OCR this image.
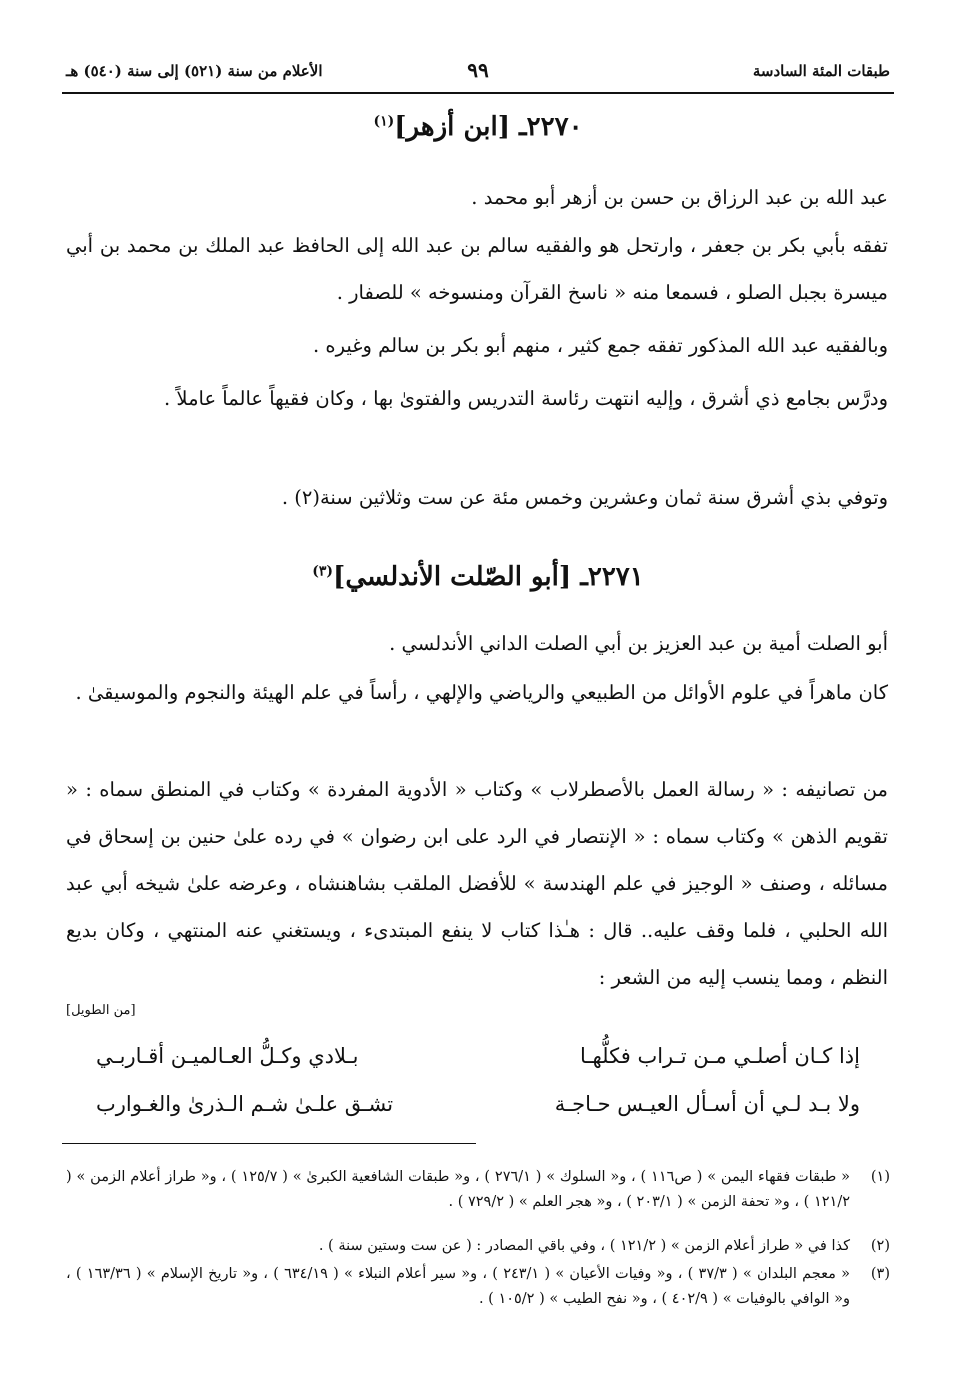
طبقات المئة السادسة
٩٩
الأعلام من سنة (٥٢١) إلى سنة (٥٤٠) هـ
٢٢٧٠ـ [ابن أزهر]$^{(١)}$
عبد الله بن عبد الرزاق بن حسن بن أزهر أبو محمد .
تفقه بأبي بكر بن جعفر ، وارتحل هو والفقيه سالم بن عبد الله إلى الحافظ عبد الملك بن محمد بن أبي ميسرة بجبل الصلو ، فسمعا منه « ناسخ القرآن ومنسوخه » للصفار .
وبالفقيه عبد الله المذكور تفقه جمع كثير ، منهم أبو بكر بن سالم وغيره .
ودرَّس بجامع ذي أشرق ، وإليه انتهت رئاسة التدريس والفتوىٰ بها ، وكان فقيهاً عالماً عاملاً .
وتوفي بذي أشرق سنة ثمان وعشرين وخمس مئة عن ست وثلاثين سنة(٢) .
٢٢٧١ـ [أبو الصّلت الأندلسي]$^{(٣)}$
أبو الصلت أمية بن عبد العزيز بن أبي الصلت الداني الأندلسي .
كان ماهراً في علوم الأوائل من الطبيعي والرياضي والإلهي ، رأساً في علم الهيئة والنجوم والموسيقىٰ .
من تصانيفه : « رسالة العمل بالأصطرلاب » وكتاب « الأدوية المفردة » وكتاب في المنطق سماه : « تقويم الذهن » وكتاب سماه : « الإنتصار في الرد على ابن رضوان » في رده علىٰ حنين بن إسحاق في مسائله ، وصنف « الوجيز في علم الهندسة » للأفضل الملقب بشاهنشاه ، وعرضه علىٰ شيخه أبي عبد الله الحلبي ، فلما وقف عليه.. قال : هـٰذا كتاب لا ينفع المبتدىء ، ويستغني عنه المنتهي ، وكان بديع النظم ، ومما ينسب إليه من الشعر :
[من الطويل]
إذا كـان أصلـي مـن تـراب فكلُّهـا
بـلادي وكـلُّ العـالميـن أقـاربـي
ولا بـد لـي أن أسـأل العيـس حـاجـة
تشـق علـىٰ شـم الـذرىٰ والغـوارب
(١)
« طبقات فقهاء اليمن » ( ص١١٦ ) ، و« السلوك » ( ٢٧٦/١ ) ، و« طبقات الشافعية الكبرىٰ » ( ١٢٥/٧ ) ، و« طراز أعلام الزمن » ( ١٢١/٢ ) ، و« تحفة الزمن » ( ٢٠٣/١ ) ، و« هجر العلم » ( ٧٢٩/٢ ) .
(٢)
كذا في « طراز أعلام الزمن » ( ١٢١/٢ ) ، وفي باقي المصادر : ( عن ست وستين سنة ) .
(٣)
« معجم البلدان » ( ٣٧/٣ ) ، و« وفيات الأعيان » ( ٢٤٣/١ ) ، و« سير أعلام النبلاء » ( ٦٣٤/١٩ ) ، و« تاريخ الإسلام » ( ١٦٣/٣٦ ) ، و« الوافي بالوفيات » ( ٤٠٢/٩ ) ، و« نفح الطيب » ( ١٠٥/٢ ) .
